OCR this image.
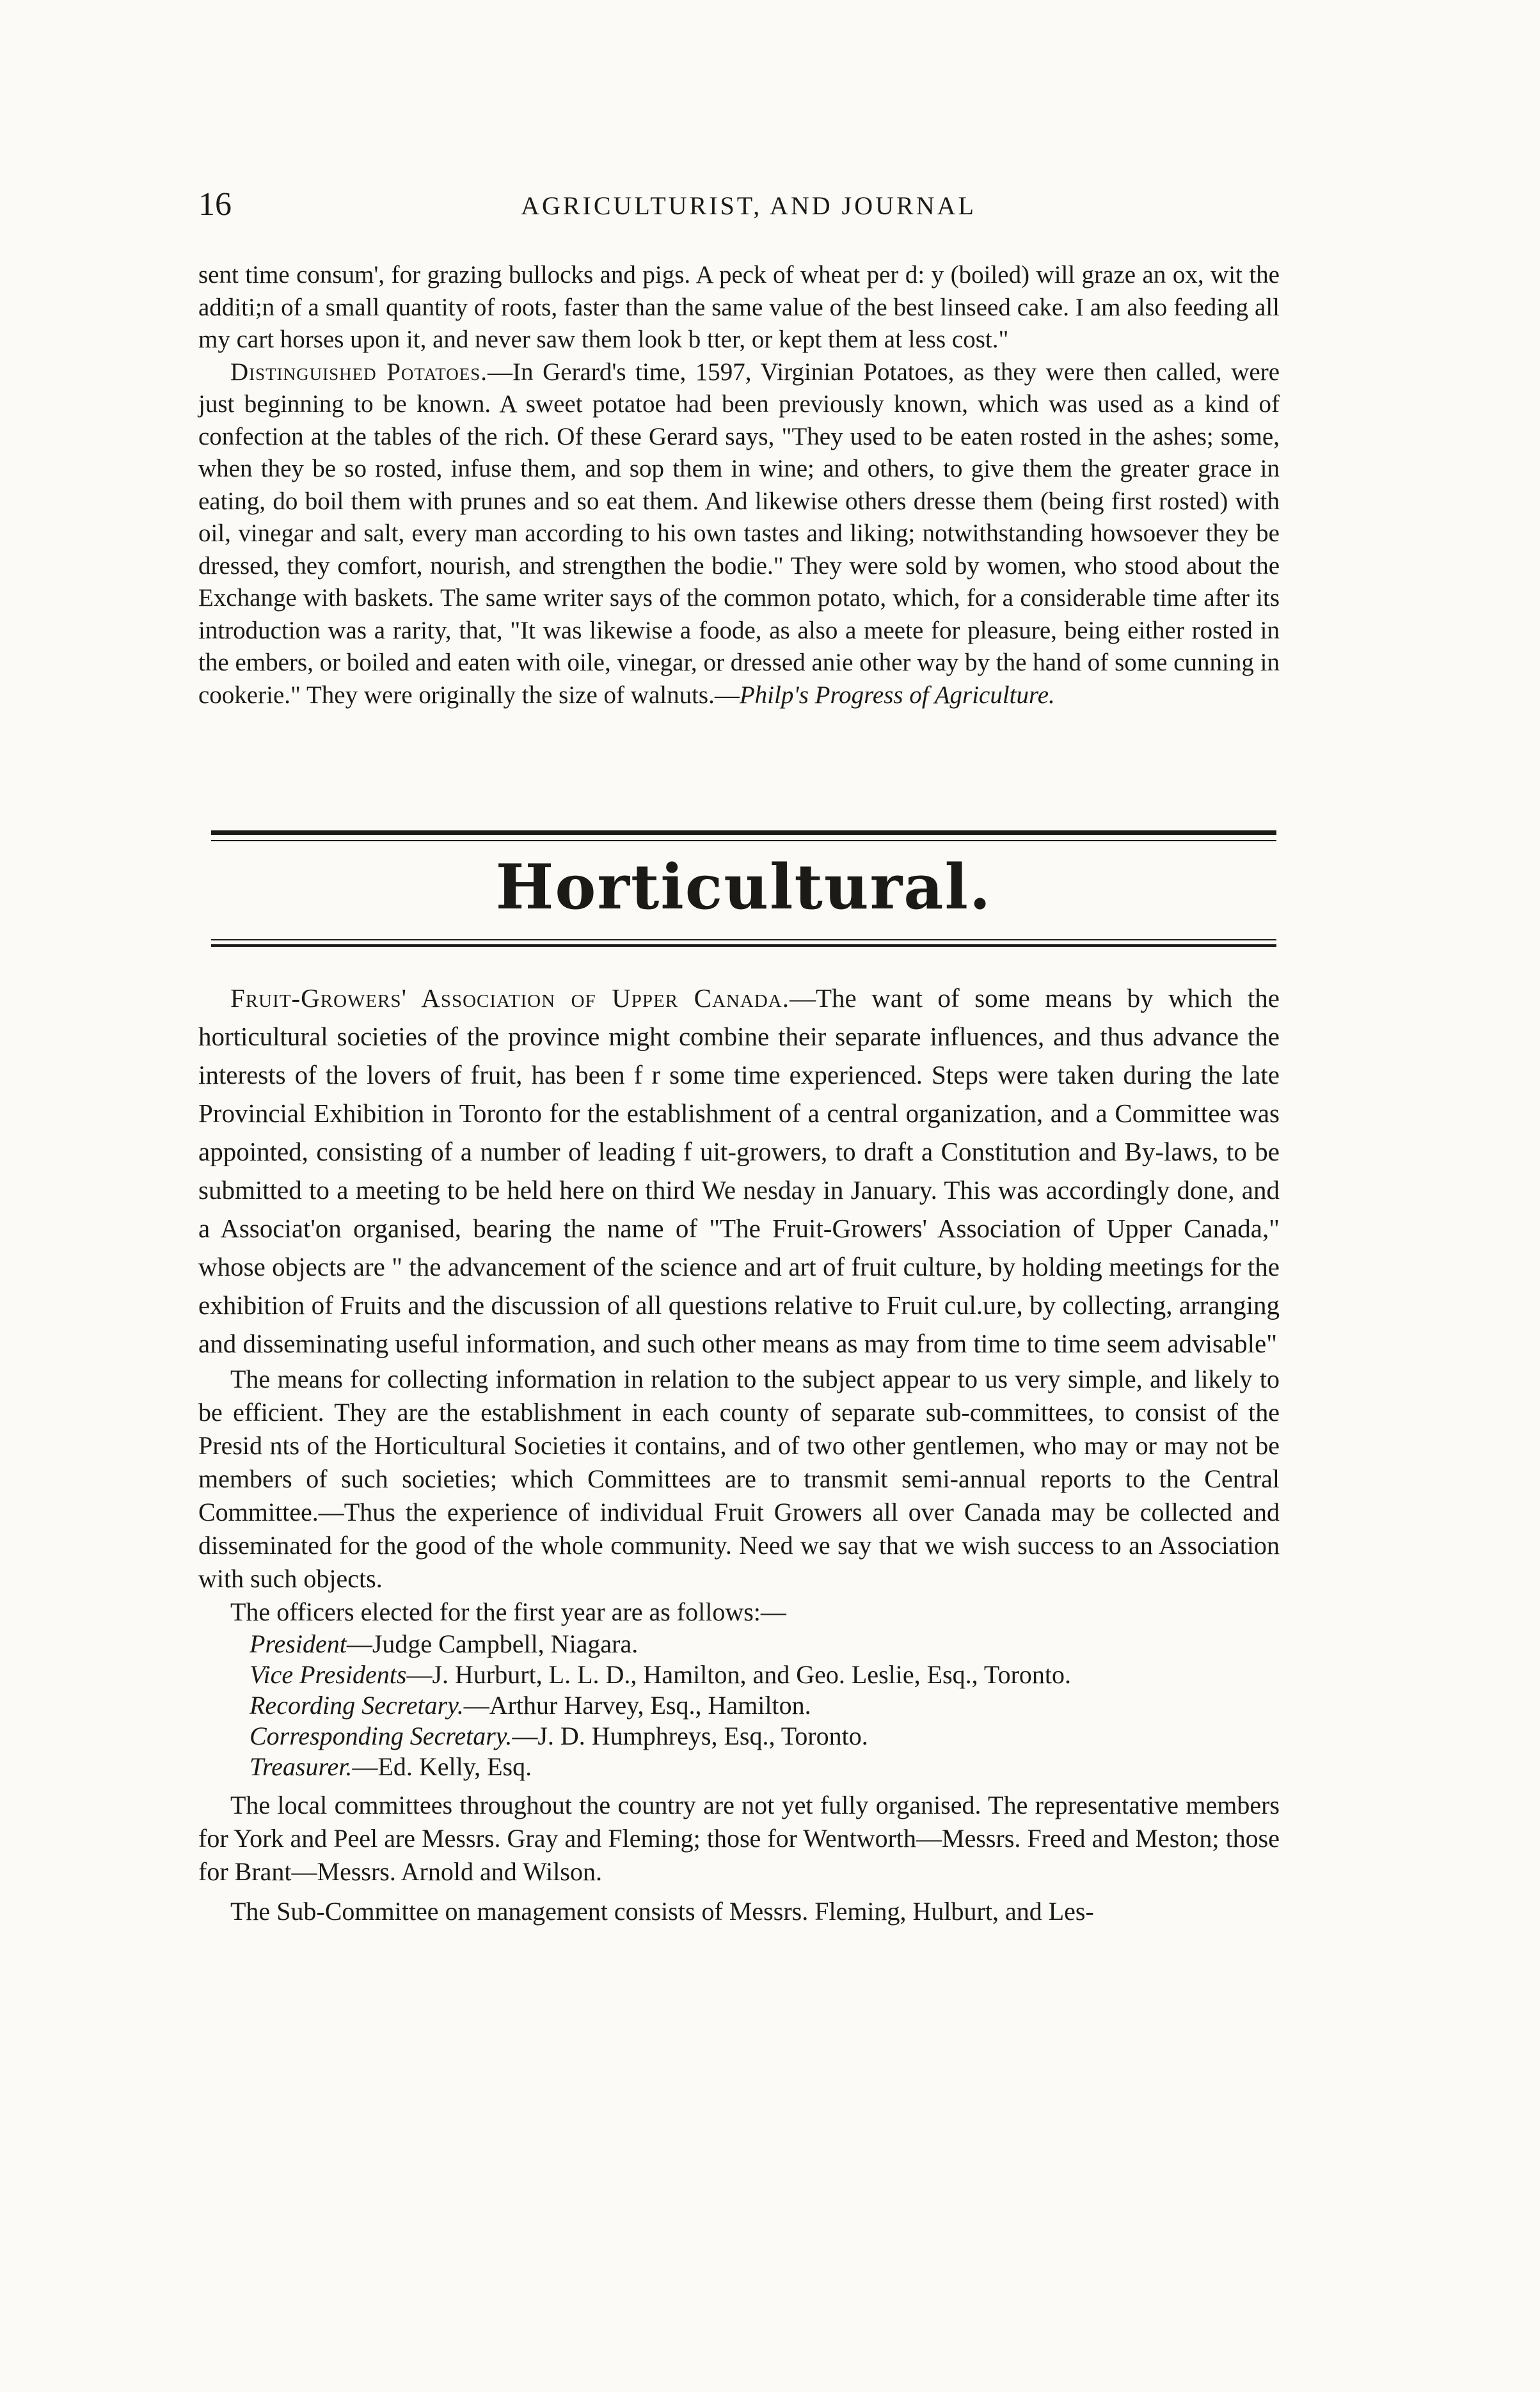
16	AGRICULTURIST, AND JOURNAL

sent time consum', for grazing bullocks and pigs. A peck of wheat per d: y (boiled) will graze an ox, wit the additi;n of a small quantity of roots, faster than the same value of the best linseed cake. I am also feeding all my cart horses upon it, and never saw them look b tter, or kept them at less cost."

Distinguished Potatoes.—In Gerard's time, 1597, Virginian Potatoes, as they were then called, were just beginning to be known. A sweet potatoe had been previously known, which was used as a kind of confection at the tables of the rich. Of these Gerard says, "They used to be eaten rosted in the ashes; some, when they be so rosted, infuse them, and sop them in wine; and others, to give them the greater grace in eating, do boil them with prunes and so eat them. And likewise others dresse them (being first rosted) with oil, vinegar and salt, every man according to his own tastes and liking; notwithstanding howsoever they be dressed, they comfort, nourish, and strengthen the bodie." They were sold by women, who stood about the Exchange with baskets. The same writer says of the common potato, which, for a considerable time after its introduction was a rarity, that, "It was likewise a foode, as also a meete for pleasure, being either rosted in the embers, or boiled and eaten with oile, vinegar, or dressed anie other way by the hand of some cunning in cookerie." They were originally the size of walnuts.—Philp's Progress of Agriculture.

Horticultural.

Fruit-Growers' Association of Upper Canada.—The want of some means by which the horticultural societies of the province might combine their separate influences, and thus advance the interests of the lovers of fruit, has been f r some time experienced. Steps were taken during the late Provincial Exhibition in Toronto for the establishment of a central organization, and a Committee was appointed, consisting of a number of leading f uit-growers, to draft a Constitution and By-laws, to be submitted to a meeting to be held here on third We nesday in January. This was accordingly done, and a Associat'on organised, bearing the name of "The Fruit-Growers' Association of Upper Canada," whose objects are " the advancement of the science and art of fruit culture, by holding meetings for the exhibition of Fruits and the discussion of all questions relative to Fruit cul.ure, by collecting, arranging and disseminating useful information, and such other means as may from time to time seem advisable"

The means for collecting information in relation to the subject appear to us very simple, and likely to be efficient. They are the establishment in each county of separate sub-committees, to consist of the Presid nts of the Horticultural Societies it contains, and of two other gentlemen, who may or may not be members of such societies; which Committees are to transmit semi-annual reports to the Central Committee.—Thus the experience of individual Fruit Growers all over Canada may be collected and disseminated for the good of the whole community. Need we say that we wish success to an Association with such objects.

The officers elected for the first year are as follows:—

President—Judge Campbell, Niagara.

Vice Presidents—J. Hurburt, L. L. D., Hamilton, and Geo. Leslie, Esq., Toronto.

Recording Secretary.—Arthur Harvey, Esq., Hamilton.

Corresponding Secretary.—J. D. Humphreys, Esq., Toronto.

Treasurer.—Ed. Kelly, Esq.

The local committees throughout the country are not yet fully organised. The representative members for York and Peel are Messrs. Gray and Fleming; those for Wentworth—Messrs. Freed and Meston; those for Brant—Messrs. Arnold and Wilson.

The Sub-Committee on management consists of Messrs. Fleming, Hulburt, and Les-
